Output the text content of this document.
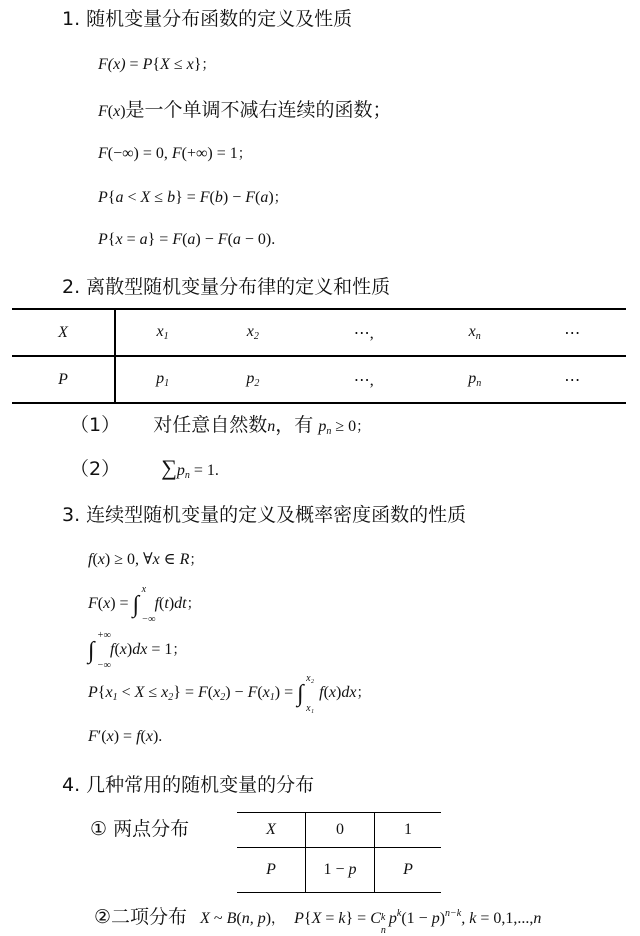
1. 随机变量分布函数的定义及性质
F(x) = P{X ≤ x}；
F(x)是一个单调不减右连续的函数；
F(−∞) = 0, F(+∞) = 1；
P{a < X ≤ b} = F(b) − F(a)；
P{x = a} = F(a) − F(a − 0).
2. 离散型随机变量分布律的定义和性质
X	$x_1$	$x_2$	⋯,	$x_n$	⋯
P	$p_1$	$p_2$	⋯,	$p_n$	⋯
（1） 对任意自然数n，有 $p_n \ge 0$；
（2） $\sum p_n = 1$.
3. 连续型随机变量的定义及概率密度函数的性质
f(x) ≥ 0, ∀x ∈ R；
F(x) = ∫
x
−∞
f(t)dt；
∫
+∞
−∞
f(x)dx = 1；
$P\{x_1 < X \le x_2\} = F(x_2) - F(x_1)$ = ∫
x₂
x₁
f(x)dx；
F′(x) = f(x).
4. 几种常用的随机变量的分布
① 两点分布	X	0	1
P	1 − p	P
②二项分布 X ~ B(n, p)， P{X = k} = C k
n
$p^k(1 - p)^{n-k}$, k = 0,1,...,n
